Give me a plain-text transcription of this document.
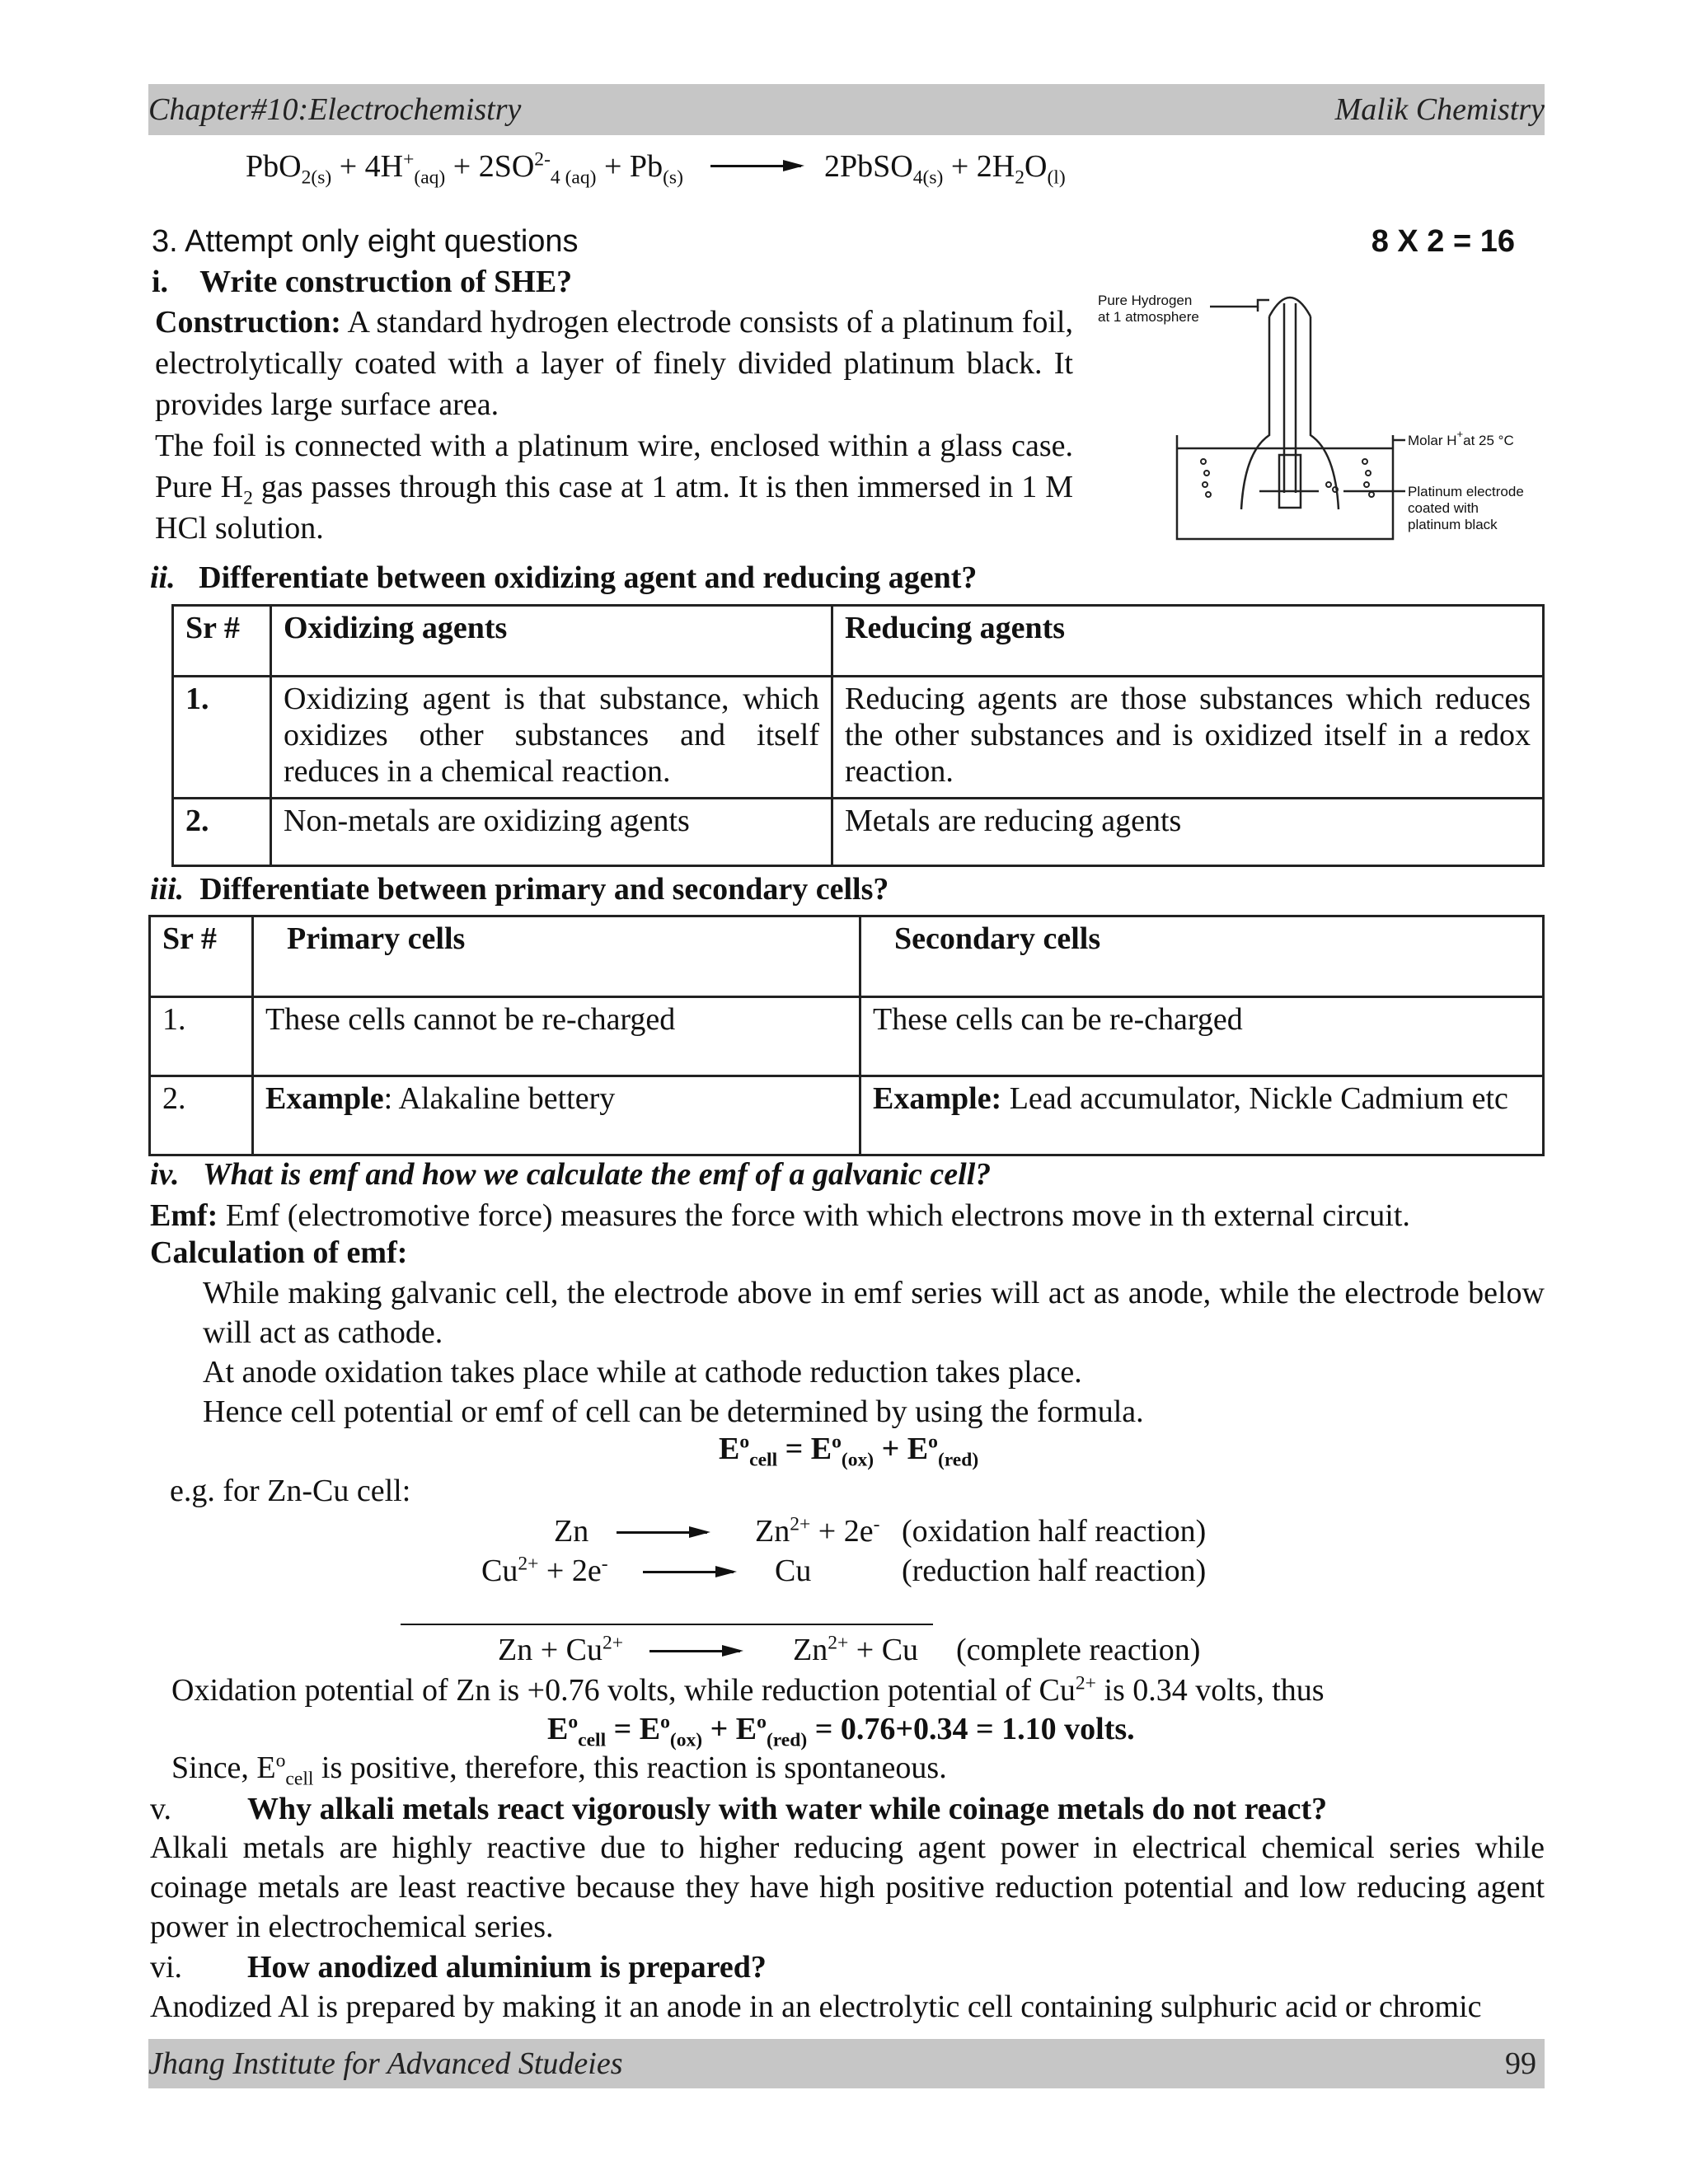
Chapter#10:Electrochemistry	Malik Chemistry
$PbO_{2(s)} + 4H^+_{(aq)} + 2SO^{2-}_{4 (aq)} + Pb_{(s)}$	2PbSO$_{4(s)}$ + $2H_2O_{(l)}$

3. Attempt only eight questions	8 X 2 = 16

i. Write construction of SHE?

Construction: A standard hydrogen electrode consists of a platinum foil, electrolytically coated with a layer of finely divided platinum black. It provides large surface area.
The foil is connected with a platinum wire, enclosed within a glass case. Pure $H_2$ gas passes through this case at 1 atm. It is then immersed in 1 M HCl solution.
Pure Hydrogen
at 1 atmosphere
Molar H+at 25 °C
Platinum electrode
coated with
platinum black

ii. Differentiate between oxidizing agent and reducing agent?

Sr #	Oxidizing agents	Reducing agents
1.	Oxidizing agent is that substance, which oxidizes other substances and itself reduces in a chemical reaction.	Reducing agents are those substances which reduces the other substances and is oxidized itself in a redox reaction.
2.	Non-metals are oxidizing agents	Metals are reducing agents

iii. Differentiate between primary and secondary cells?

Sr #	Primary cells	Secondary cells
1.	These cells cannot be re-charged	These cells can be re-charged
2.	Example: Alakaline bettery	Example: Lead accumulator, Nickle Cadmium etc

iv. What is emf and how we calculate the emf of a galvanic cell?

Emf: Emf (electromotive force) measures the force with which electrons move in th external circuit.

Calculation of emf:

While making galvanic cell, the electrode above in emf series will act as anode, while the electrode below will act as cathode.
At anode oxidation takes place while at cathode reduction takes place.
Hence cell potential or emf of cell can be determined by using the formula.
$E^o_{cell} = E^o_{(ox)} + E^o_{(red)}$

e.g. for Zn-Cu cell:

Zn	$Zn^{2+} + 2e^-$ (oxidation half reaction)
$Cu^{2+} + 2e^-$	Cu	(reduction half reaction)
$Zn + Cu^{2+}$	$Zn^{2+} + Cu$ (complete reaction)

Oxidation potential of Zn is +0.76 volts, while reduction potential of $Cu^{2+}$ is 0.34 volts, thus

$E^o_{cell} = E^o_{(ox)} + E^o_{(red)} = 0.76+0.34 = 1.10$ volts.

Since, $E^o_{cell}$ is positive, therefore, this reaction is spontaneous.

v. Why alkali metals react vigorously with water while coinage metals do not react?

Alkali metals are highly reactive due to higher reducing agent power in electrical chemical series while coinage metals are least reactive because they have high positive reduction potential and low reducing agent power in electrochemical series.

vi. How anodized aluminium is prepared?

Anodized Al is prepared by making it an anode in an electrolytic cell containing sulphuric acid or chromic

Jhang Institute for Advanced Studeies	99
